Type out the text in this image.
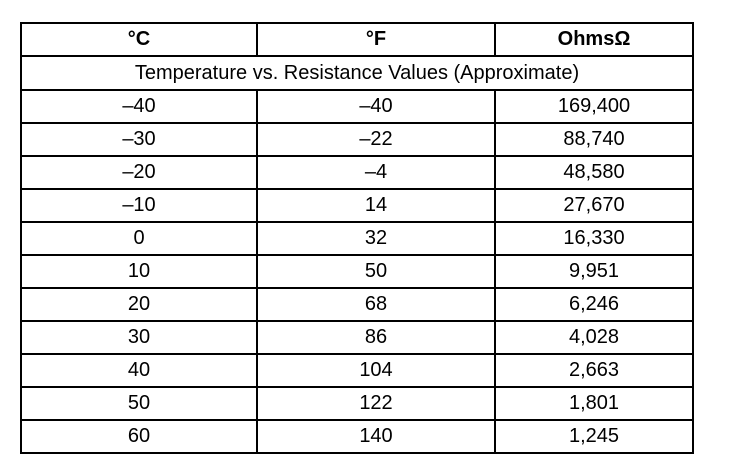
°C	°F	OhmsΩ
Temperature vs. Resistance Values (Approximate)		
–40	–40	169,400
–30	–22	88,740
–20	–4	48,580
–10	14	27,670
0	32	16,330
10	50	9,951
20	68	6,246
30	86	4,028
40	104	2,663
50	122	1,801
60	140	1,245
